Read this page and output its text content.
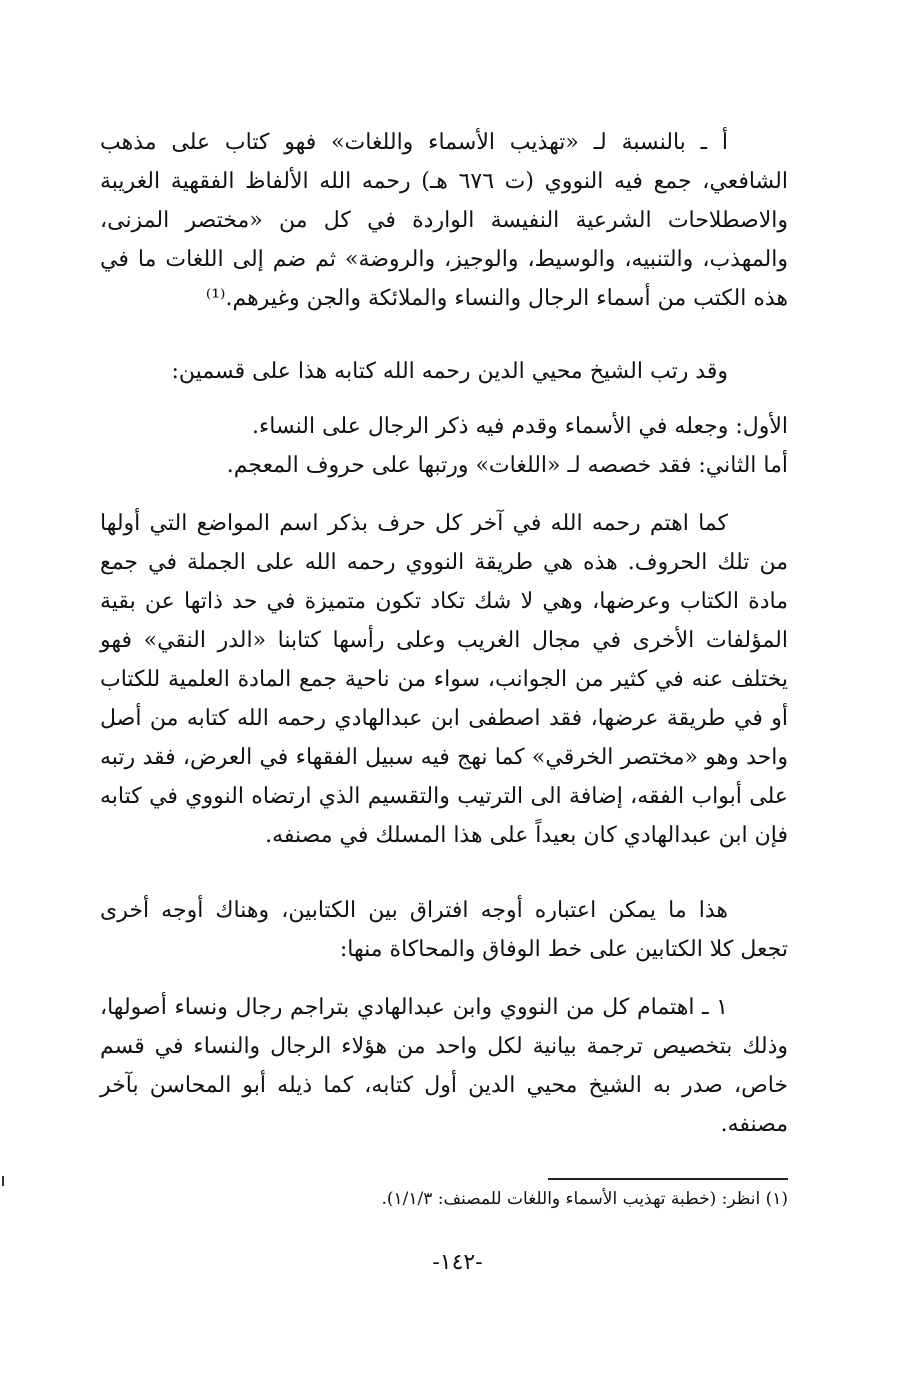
أ ـ بالنسبة لـ «تهذيب الأسماء واللغات» فهو كتاب على مذهب الشافعي، جمع فيه النووي (ت ٦٧٦ هـ) رحمه الله الألفاظ الفقهية الغريبة والاصطلاحات الشرعية النفيسة الواردة في كل من «مختصر المزنى، والمهذب، والتنبيه، والوسيط، والوجيز، والروضة» ثم ضم إلى اللغات ما في هذه الكتب من أسماء الرجال والنساء والملائكة والجن وغيرهم.⁽¹⁾

وقد رتب الشيخ محيي الدين رحمه الله كتابه هذا على قسمين:

الأول: وجعله في الأسماء وقدم فيه ذكر الرجال على النساء.

أما الثاني: فقد خصصه لـ «اللغات» ورتبها على حروف المعجم.

كما اهتم رحمه الله في آخر كل حرف بذكر اسم المواضع التي أولها من تلك الحروف. هذه هي طريقة النووي رحمه الله على الجملة في جمع مادة الكتاب وعرضها، وهي لا شك تكاد تكون متميزة في حد ذاتها عن بقية المؤلفات الأخرى في مجال الغريب وعلى رأسها كتابنا «الدر النقي» فهو يختلف عنه في كثير من الجوانب، سواء من ناحية جمع المادة العلمية للكتاب أو في طريقة عرضها، فقد اصطفى ابن عبدالهادي رحمه الله كتابه من أصل واحد وهو «مختصر الخرقي» كما نهج فيه سبيل الفقهاء في العرض، فقد رتبه على أبواب الفقه، إضافة الى الترتيب والتقسيم الذي ارتضاه النووي في كتابه فإن ابن عبدالهادي كان بعيداً على هذا المسلك في مصنفه.

هذا ما يمكن اعتباره أوجه افتراق بين الكتابين، وهناك أوجه أخرى تجعل كلا الكتابين على خط الوفاق والمحاكاة منها:

١ ـ اهتمام كل من النووي وابن عبدالهادي بتراجم رجال ونساء أصولها، وذلك بتخصيص ترجمة بيانية لكل واحد من هؤلاء الرجال والنساء في قسم خاص، صدر به الشيخ محيي الدين أول كتابه، كما ذيله أبو المحاسن بآخر مصنفه.

(١) انظر: (خطبة تهذيب الأسماء واللغات للمصنف: ١/١/٣).

-١٤٢-
